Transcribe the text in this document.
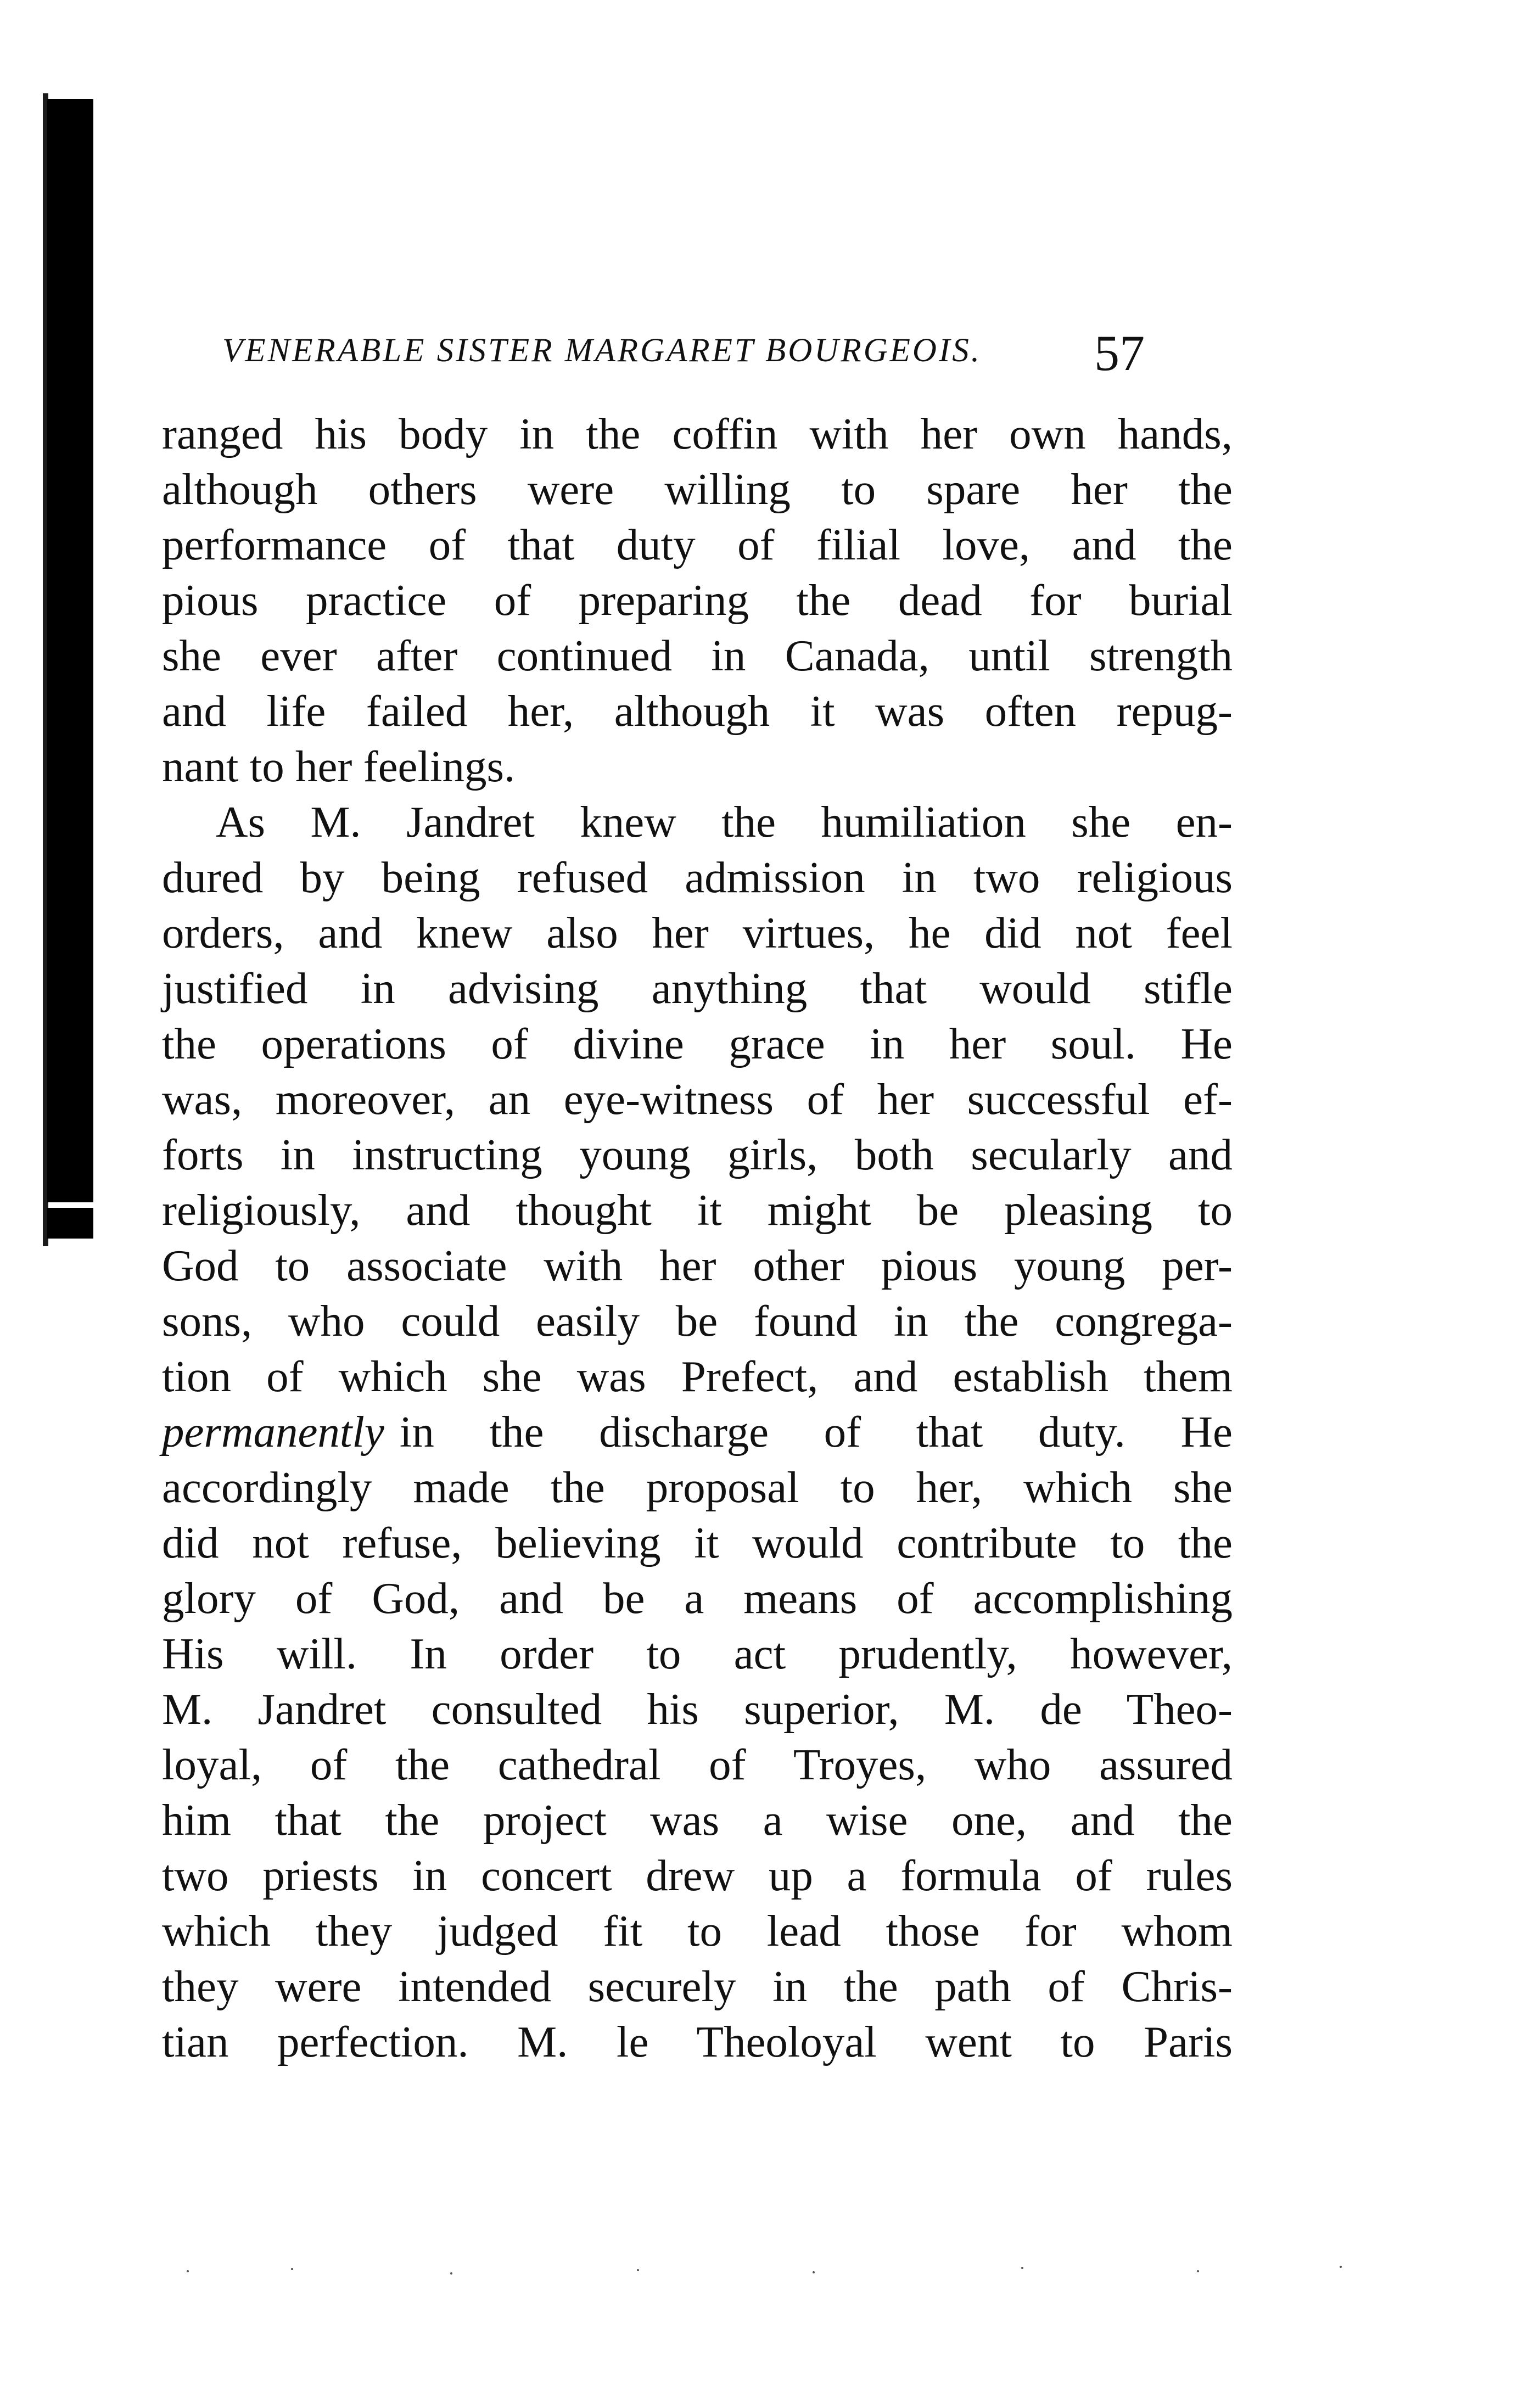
VENERABLE SISTER MARGARET BOURGEOIS. 57
ranged his body in the coffin with her own hands,
although others were willing to spare her the
performance of that duty of filial love, and the
pious practice of preparing the dead for burial
she ever after continued in Canada, until strength
and life failed her, although it was often repug-
nant to her feelings.
As M. Jandret knew the humiliation she en-
dured by being refused admission in two religious
orders, and knew also her virtues, he did not feel
justified in advising anything that would stifle
the operations of divine grace in her soul. He
was, moreover, an eye-witness of her successful ef-
forts in instructing young girls, both secularly and
religiously, and thought it might be pleasing to
God to associate with her other pious young per-
sons, who could easily be found in the congrega-
tion of which she was Prefect, and establish them
permanently in the discharge of that duty. He
accordingly made the proposal to her, which she
did not refuse, believing it would contribute to the
glory of God, and be a means of accomplishing
His will. In order to act prudently, however,
M. Jandret consulted his superior, M. de Theo-
loyal, of the cathedral of Troyes, who assured
him that the project was a wise one, and the
two priests in concert drew up a formula of rules
which they judged fit to lead those for whom
they were intended securely in the path of Chris-
tian perfection. M. le Theoloyal went to Paris
